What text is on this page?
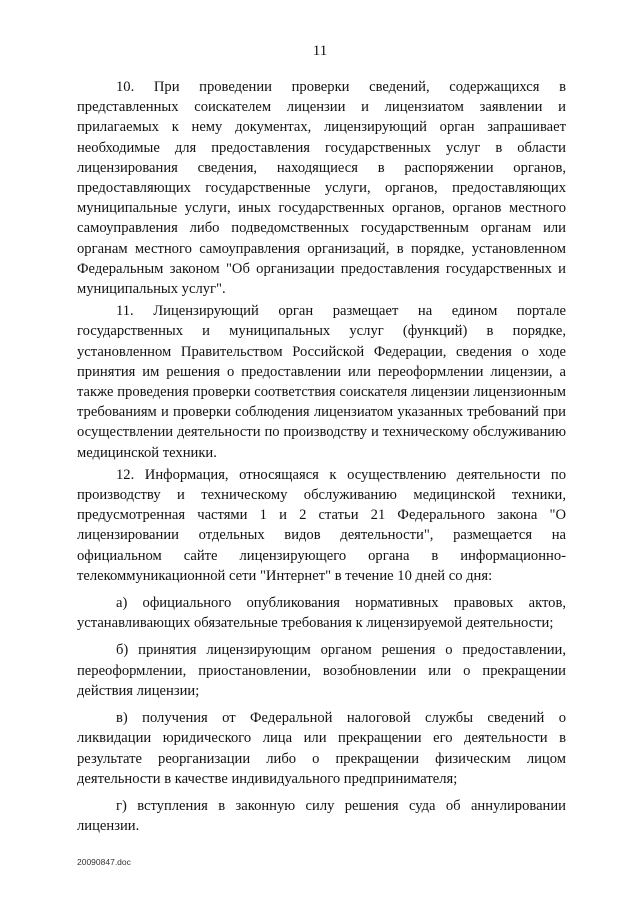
11

10. При проведении проверки сведений, содержащихся в представленных соискателем лицензии и лицензиатом заявлении и прилагаемых к нему документах, лицензирующий орган запрашивает необходимые для предоставления государственных услуг в области лицензирования сведения, находящиеся в распоряжении органов, предоставляющих государственные услуги, органов, предоставляющих муниципальные услуги, иных государственных органов, органов местного самоуправления либо подведомственных государственным органам или органам местного самоуправления организаций, в порядке, установленном Федеральным законом "Об организации предоставления государственных и муниципальных услуг".

11. Лицензирующий орган размещает на едином портале государственных и муниципальных услуг (функций) в порядке, установленном Правительством Российской Федерации, сведения о ходе принятия им решения о предоставлении или переоформлении лицензии, а также проведения проверки соответствия соискателя лицензии лицензионным требованиям и проверки соблюдения лицензиатом указанных требований при осуществлении деятельности по производству и техническому обслуживанию медицинской техники.

12. Информация, относящаяся к осуществлению деятельности по производству и техническому обслуживанию медицинской техники, предусмотренная частями 1 и 2 статьи 21 Федерального закона "О лицензировании отдельных видов деятельности", размещается на официальном сайте лицензирующего органа в информационно-телекоммуникационной сети "Интернет" в течение 10 дней со дня:

а) официального опубликования нормативных правовых актов, устанавливающих обязательные требования к лицензируемой деятельности;

б) принятия лицензирующим органом решения о предоставлении, переоформлении, приостановлении, возобновлении или о прекращении действия лицензии;

в) получения от Федеральной налоговой службы сведений о ликвидации юридического лица или прекращении его деятельности в результате реорганизации либо о прекращении физическим лицом деятельности в качестве индивидуального предпринимателя;

г) вступления в законную силу решения суда об аннулировании лицензии.

20090847.doc
